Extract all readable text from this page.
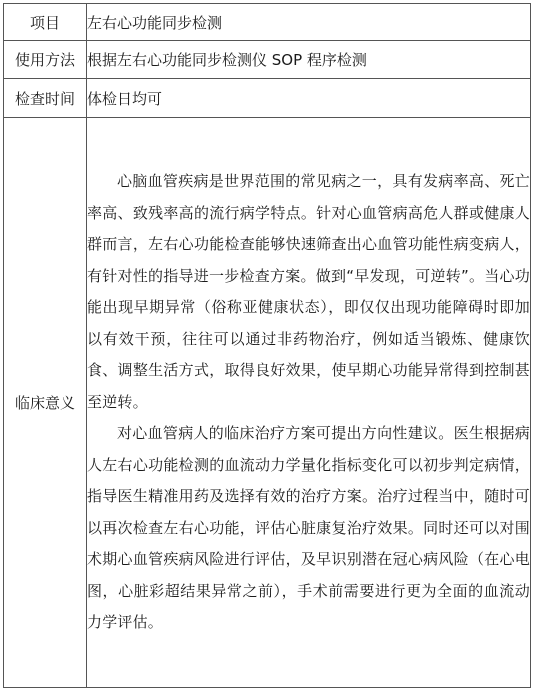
项目	左右心功能同步检测
使用方法	根据左右心功能同步检测仪 SOP 程序检测
检查时间	体检日均可
临床意义	心脑血管疾病是世界范围的常见病之一，具有发病率高、死亡率高、致残率高的流行病学特点。针对心血管病高危人群或健康人群而言，左右心功能检查能够快速筛查出心血管功能性病变病人，有针对性的指导进一步检查方案。做到“早发现，可逆转”。当心功能出现早期异常（俗称亚健康状态），即仅仅出现功能障碍时即加以有效干预，往往可以通过非药物治疗，例如适当锻炼、健康饮食、调整生活方式，取得良好效果，使早期心功能异常得到控制甚至逆转。

对心血管病人的临床治疗方案可提出方向性建议。医生根据病人左右心功能检测的血流动力学量化指标变化可以初步判定病情，指导医生精准用药及选择有效的治疗方案。治疗过程当中，随时可以再次检查左右心功能，评估心脏康复治疗效果。同时还可以对围术期心血管疾病风险进行评估，及早识别潜在冠心病风险（在心电图，心脏彩超结果异常之前），手术前需要进行更为全面的血流动力学评估。
